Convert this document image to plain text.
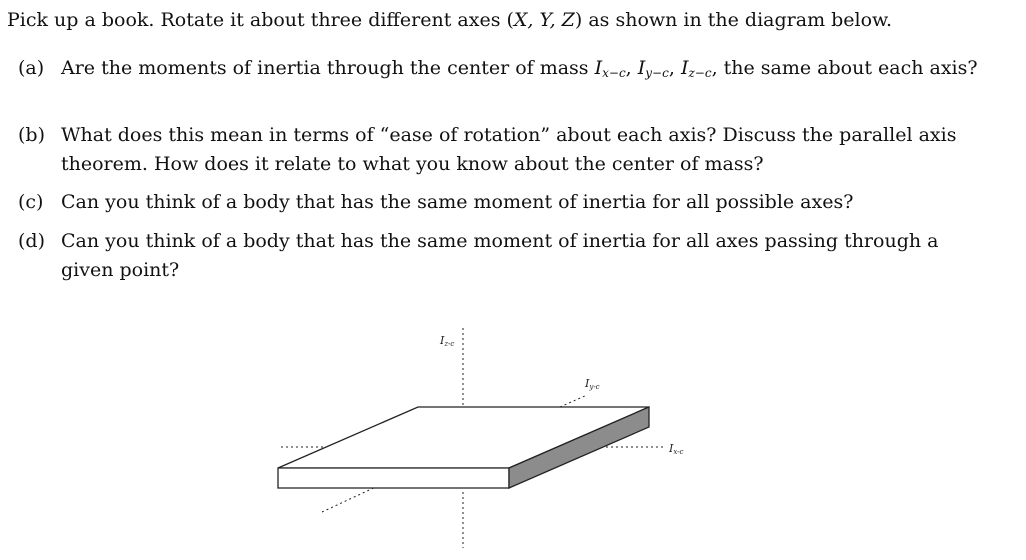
Pick up a book. Rotate it about three different axes (X, Y, Z) as shown in the diagram below.
(a) Are the moments of inertia through the center of mass $I_{x-c}$, $I_{y-c}$, $I_{z-c}$, the same about each axis?
(b) What does this mean in terms of “ease of rotation” about each axis? Discuss the parallel axis theorem. How does it relate to what you know about the center of mass?
(c) Can you think of a body that has the same moment of inertia for all possible axes?
(d) Can you think of a body that has the same moment of inertia for all axes passing through a given point?
Iz-c
Iy-c
Ix-c
